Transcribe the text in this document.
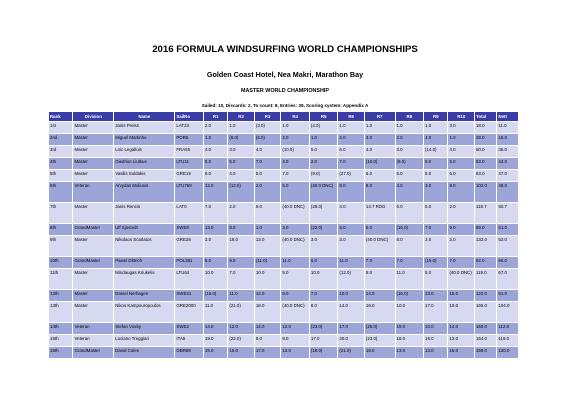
2016 FORMULA WINDSURFING WORLD CHAMPIONSHIPS
Golden Coast Hotel, Nea Makri, Marathon Bay
MASTER WORLD CHAMPIONSHIP
Sailed: 10, Discards: 2, To count: 8, Entries: 39, Scoring system: Appendix A
Rank	Division	Name	SailNo	R1	R2	R3	R4	R5	R6	R7	R8	R9	R10	Total	Nett
1st	Master	Janis Preiss	LAT23	2.0	1.0	(3.0)	1.0	(4.0)	1.0	1.0	1.0	1.0	3.0	18.0	11.0
2nd	Master	Miguel Martinho	POR5	1.0	(6.0)	(6.0)	2.0	1.0	2.0	3.0	2.0	4.0	1.0	28.0	16.0
3rd	Master	Loic Legallois	FRA55	4.0	3.0	4.0	(10.0)	5.0	6.0	4.0	3.0	(14.0)	4.0	60.0	36.0
4th	Master	Giedrius Liutkus	LTU11	5.0	5.0	7.0	4.0	2.0	7.0	(10.0)	(9.0)	9.0	5.0	63.0	44.0
5th	Master	Vasilis Soldakis	GRE19	6.0	4.0	5.0	7.0	(9.0)	(27.0)	6.0	5.0	8.0	6.0	83.0	47.0
6th	Veteran	Arvydas Moliusis	LTU769	12.0	(13.0)	2.0	5.0	(40.0 DNC)	8.0	8.0	4.0	3.0	8.0	102.0	49.0
7th	Master	Janis Rencis	LAT0	7.0	2.0	9.0	(40.0 DNC)	(28.0)	4.0	14.7 RDG	6.0	6.0	2.0	118.7	50.7
8th	GrandMaster	Ulf Sjostedt	SWE8	13.0	8.0	1.0	3.0	(22.0)	5.0	5.0	(16.0)	7.0	9.0	89.0	51.0
9th	Master	Nikolaos Scarlatos	GRE28	3.0	18.0	13.0	(40.0 DNC)	3.0	3.0	(40.0 DNC)	8.0	2.0	2.0	132.0	52.0
10th	GrandMaster	Pawel Dittrich	POL381	8.0	9.0	(11.0)	11.0	6.0	11.0	7.0	7.0	(15.0)	7.0	92.0	66.0
11th	Master	Mindaugas Kriukelis	LTU64	10.0	7.0	10.0	5.0	10.0	(12.0)	9.0	11.0	5.0	(40.0 DNC)	119.0	67.0
12th	Master	Daniel Nerhagen	SWE31	(16.0)	11.0	12.0	9.0	7.0	10.0	14.0	(15.0)	13.0	15.0	122.0	91.0
13th	Master	Nikos Kampouropoulos	GRE2000	11.0	(21.0)	18.0	(40.0 DNC)	8.0	14.0	16.0	10.0	17.0	10.0	165.0	104.0
14th	Veteran	Stefan Voxby	SWE2	14.0	12.0	14.0	12.0	(23.0)	17.0	(25.0)	19.0	10.0	14.0	160.0	112.0
15th	Veteran	Luciano Treggiari	ITA5	19.0	(22.0)	8.0	8.0	17.0	20.0	(23.0)	18.0	16.0	13.0	164.0	119.0
16th	GrandMaster	David Coles	GBR89	15.0	15.0	17.0	13.0	(18.0)	(21.0)	18.0	13.0	13.0	16.0	159.0	120.0
